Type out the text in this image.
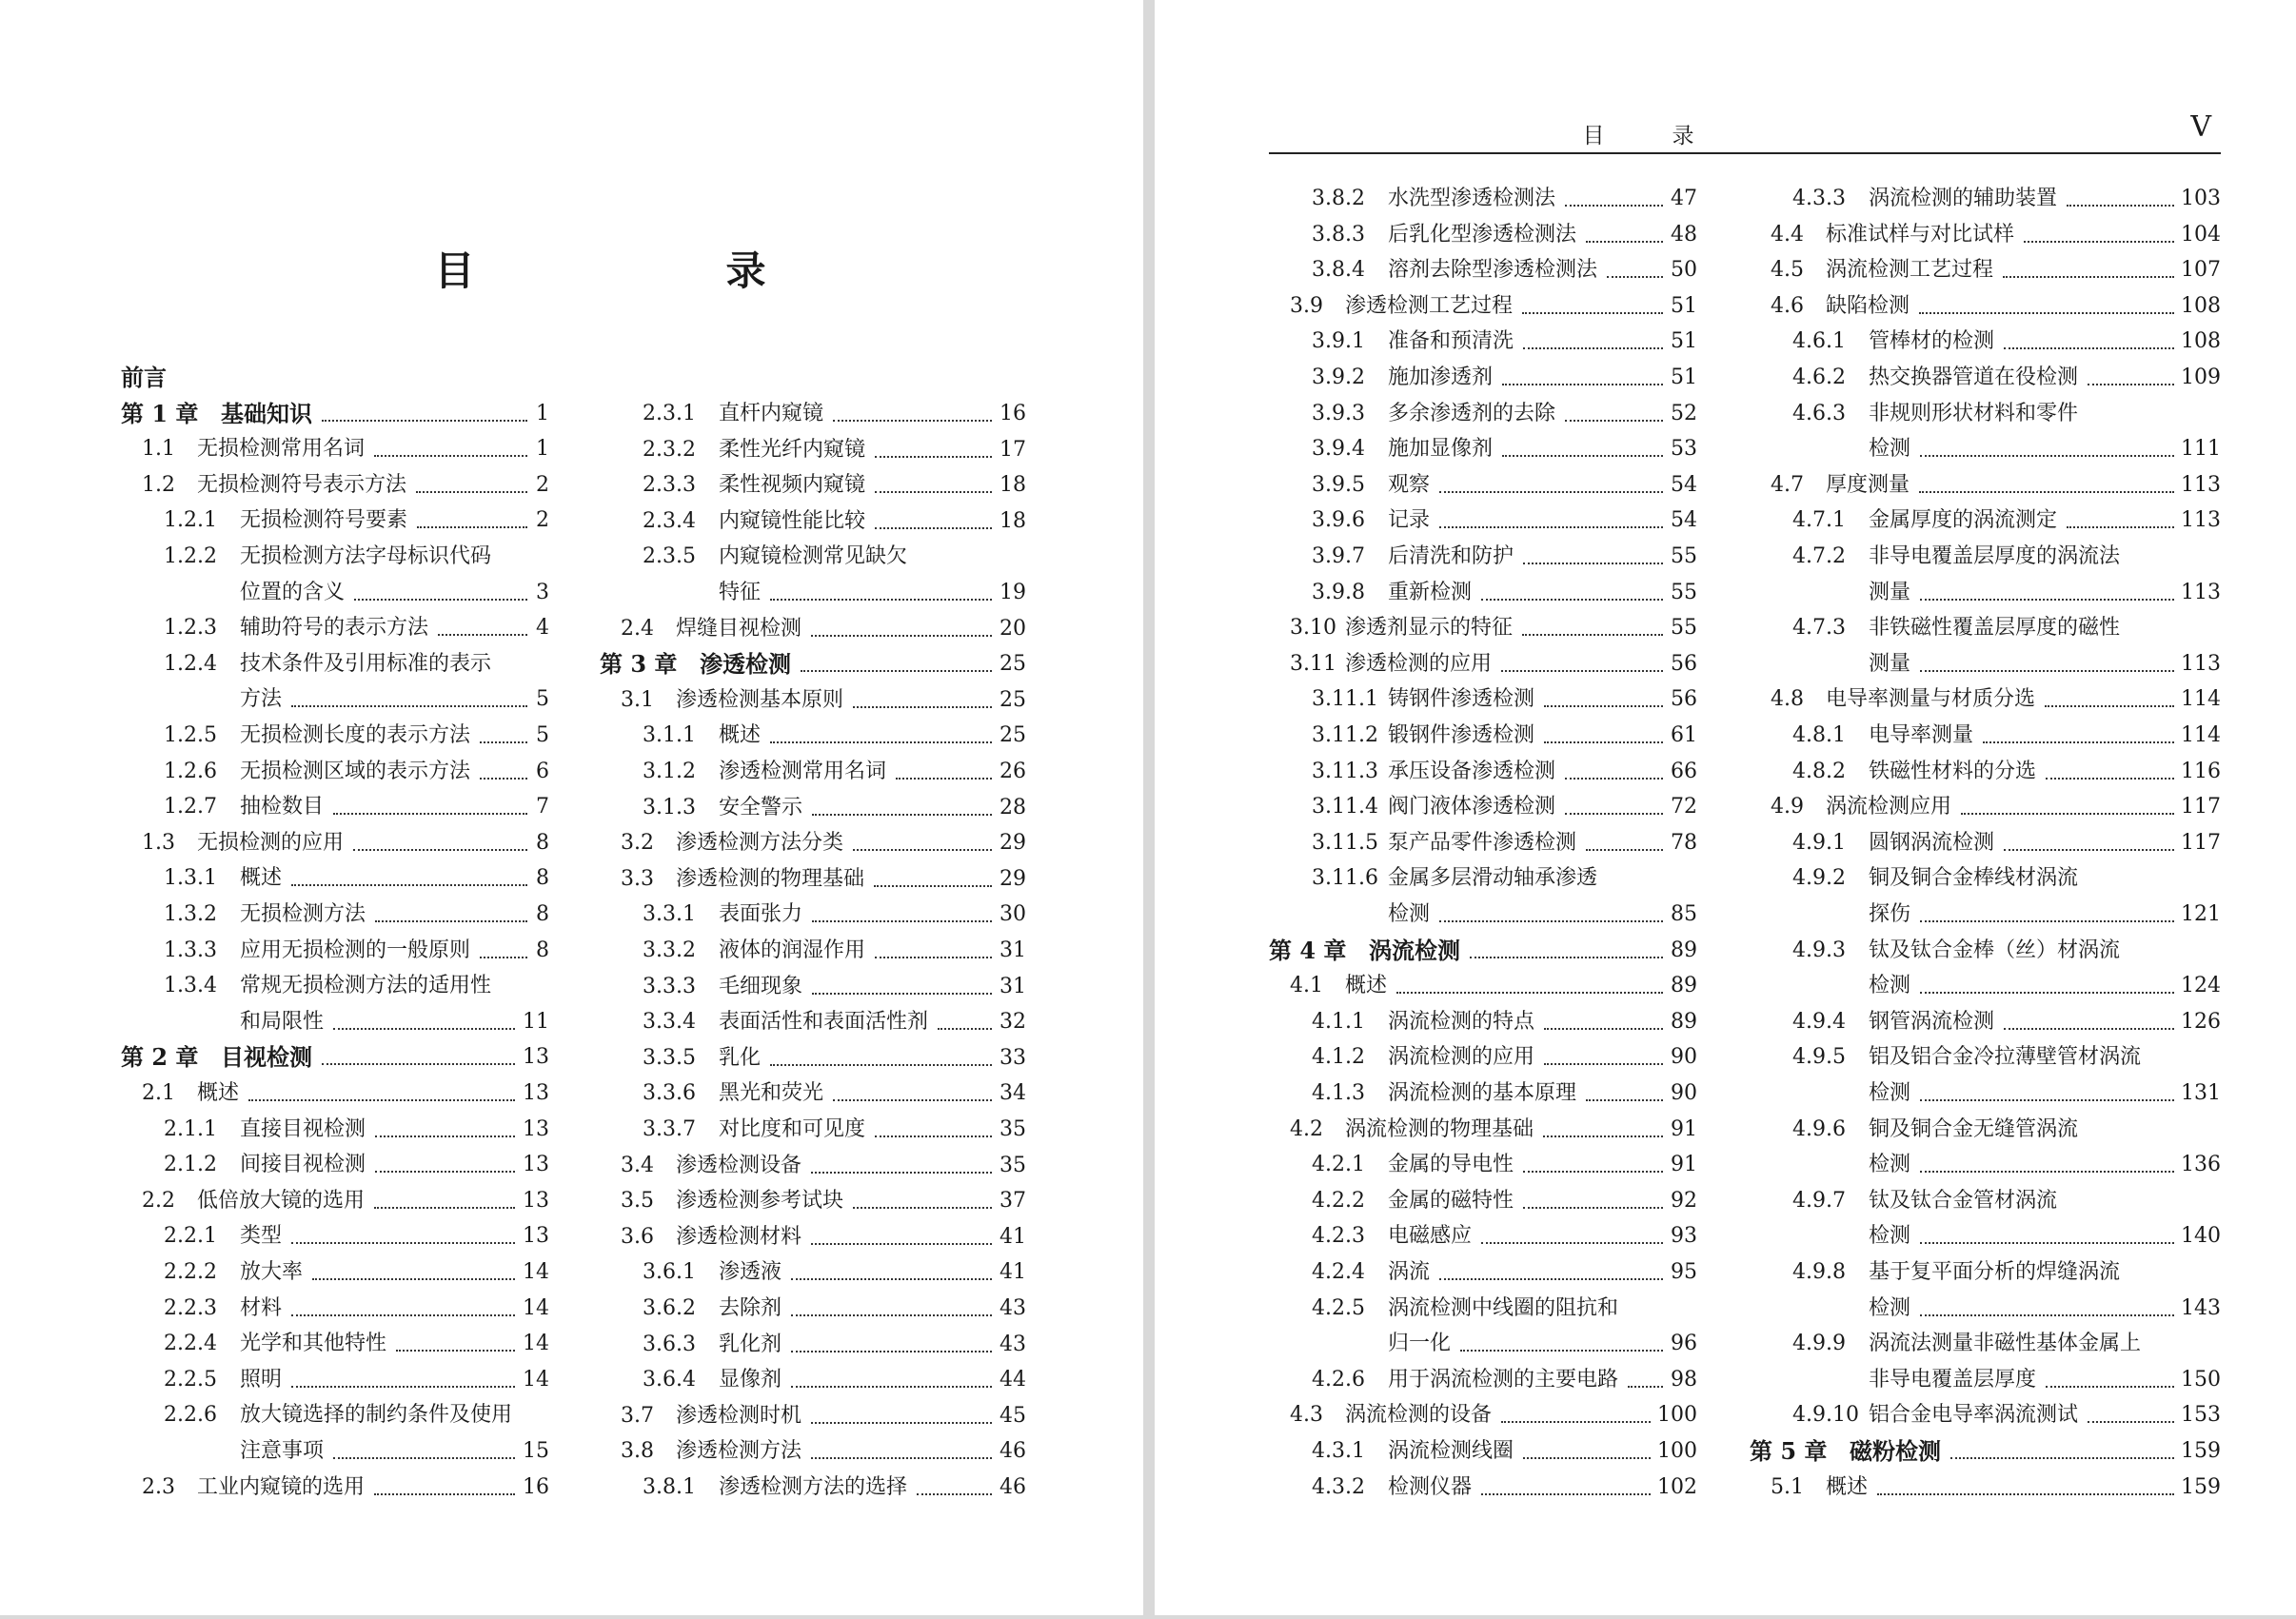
目　　录
前言
第 1 章 基础知识	1
1.1 无损检测常用名词	1
1.2 无损检测符号表示方法	2
1.2.1 无损检测符号要素	2
1.2.2 无损检测方法字母标识代码
位置的含义	3
1.2.3 辅助符号的表示方法	4
1.2.4 技术条件及引用标准的表示
方法	5
1.2.5 无损检测长度的表示方法	5
1.2.6 无损检测区域的表示方法	6
1.2.7 抽检数目	7
1.3 无损检测的应用	8
1.3.1 概述	8
1.3.2 无损检测方法	8
1.3.3 应用无损检测的一般原则	8
1.3.4 常规无损检测方法的适用性
和局限性	11
第 2 章 目视检测	13
2.1 概述	13
2.1.1 直接目视检测	13
2.1.2 间接目视检测	13
2.2 低倍放大镜的选用	13
2.2.1 类型	13
2.2.2 放大率	14
2.2.3 材料	14
2.2.4 光学和其他特性	14
2.2.5 照明	14
2.2.6 放大镜选择的制约条件及使用
注意事项	15
2.3 工业内窥镜的选用	16
2.3.1 直杆内窥镜	16
2.3.2 柔性光纤内窥镜	17
2.3.3 柔性视频内窥镜	18
2.3.4 内窥镜性能比较	18
2.3.5 内窥镜检测常见缺欠
特征	19
2.4 焊缝目视检测	20
第 3 章 渗透检测	25
3.1 渗透检测基本原则	25
3.1.1 概述	25
3.1.2 渗透检测常用名词	26
3.1.3 安全警示	28
3.2 渗透检测方法分类	29
3.3 渗透检测的物理基础	29
3.3.1 表面张力	30
3.3.2 液体的润湿作用	31
3.3.3 毛细现象	31
3.3.4 表面活性和表面活性剂	32
3.3.5 乳化	33
3.3.6 黑光和荧光	34
3.3.7 对比度和可见度	35
3.4 渗透检测设备	35
3.5 渗透检测参考试块	37
3.6 渗透检测材料	41
3.6.1 渗透液	41
3.6.2 去除剂	43
3.6.3 乳化剂	43
3.6.4 显像剂	44
3.7 渗透检测时机	45
3.8 渗透检测方法	46
3.8.1 渗透检测方法的选择	46
目　录	V
3.8.2 水洗型渗透检测法	47
3.8.3 后乳化型渗透检测法	48
3.8.4 溶剂去除型渗透检测法	50
3.9 渗透检测工艺过程	51
3.9.1 准备和预清洗	51
3.9.2 施加渗透剂	51
3.9.3 多余渗透剂的去除	52
3.9.4 施加显像剂	53
3.9.5 观察	54
3.9.6 记录	54
3.9.7 后清洗和防护	55
3.9.8 重新检测	55
3.10 渗透剂显示的特征	55
3.11 渗透检测的应用	56
3.11.1 铸钢件渗透检测	56
3.11.2 锻钢件渗透检测	61
3.11.3 承压设备渗透检测	66
3.11.4 阀门液体渗透检测	72
3.11.5 泵产品零件渗透检测	78
3.11.6 金属多层滑动轴承渗透
检测	85
第 4 章 涡流检测	89
4.1 概述	89
4.1.1 涡流检测的特点	89
4.1.2 涡流检测的应用	90
4.1.3 涡流检测的基本原理	90
4.2 涡流检测的物理基础	91
4.2.1 金属的导电性	91
4.2.2 金属的磁特性	92
4.2.3 电磁感应	93
4.2.4 涡流	95
4.2.5 涡流检测中线圈的阻抗和
归一化	96
4.2.6 用于涡流检测的主要电路	98
4.3 涡流检测的设备	100
4.3.1 涡流检测线圈	100
4.3.2 检测仪器	102
4.3.3 涡流检测的辅助装置	103
4.4 标准试样与对比试样	104
4.5 涡流检测工艺过程	107
4.6 缺陷检测	108
4.6.1 管棒材的检测	108
4.6.2 热交换器管道在役检测	109
4.6.3 非规则形状材料和零件
检测	111
4.7 厚度测量	113
4.7.1 金属厚度的涡流测定	113
4.7.2 非导电覆盖层厚度的涡流法
测量	113
4.7.3 非铁磁性覆盖层厚度的磁性
测量	113
4.8 电导率测量与材质分选	114
4.8.1 电导率测量	114
4.8.2 铁磁性材料的分选	116
4.9 涡流检测应用	117
4.9.1 圆钢涡流检测	117
4.9.2 铜及铜合金棒线材涡流
探伤	121
4.9.3 钛及钛合金棒（丝）材涡流
检测	124
4.9.4 钢管涡流检测	126
4.9.5 铝及铝合金冷拉薄壁管材涡流
检测	131
4.9.6 铜及铜合金无缝管涡流
检测	136
4.9.7 钛及钛合金管材涡流
检测	140
4.9.8 基于复平面分析的焊缝涡流
检测	143
4.9.9 涡流法测量非磁性基体金属上
非导电覆盖层厚度	150
4.9.10 铝合金电导率涡流测试	153
第 5 章 磁粉检测	159
5.1 概述	159
